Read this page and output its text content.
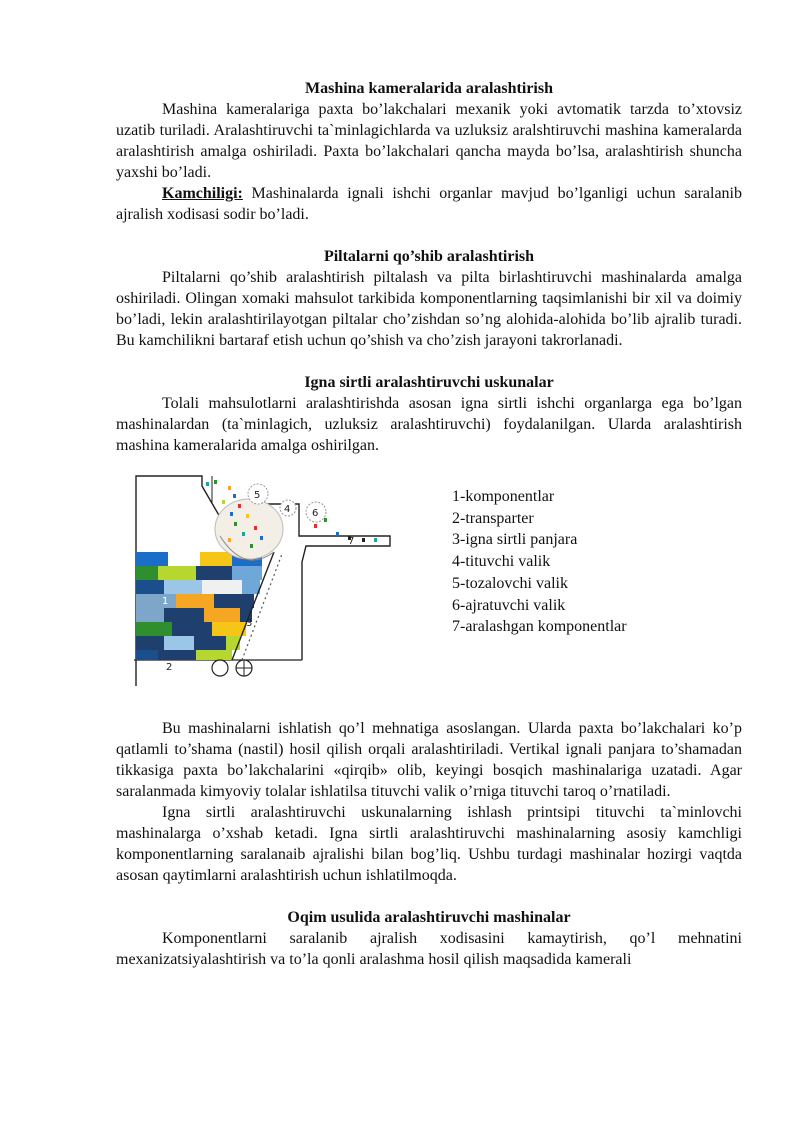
Mashina kameralarida aralashtirish

Mashina kameralariga paxta bo’lakchalari mexanik yoki avtomatik tarzda to’xtovsiz uzatib turiladi. Aralashtiruvchi ta`minlagichlarda va uzluksiz aralshtiruvchi mashina kameralarda aralashtirish amalga oshiriladi. Paxta bo’lakchalari qancha mayda bo’lsa, aralashtirish shuncha yaxshi bo’ladi.

Kamchiligi: Mashinalarda ignali ishchi organlar mavjud bo’lganligi uchun saralanib ajralish xodisasi sodir bo’ladi.

Piltalarni qo’shib aralashtirish

Piltalarni qo’shib aralashtirish piltalash va pilta birlashtiruvchi mashinalarda amalga oshiriladi. Olingan xomaki mahsulot tarkibida komponentlarning taqsimlanishi bir xil va doimiy bo’ladi, lekin aralashtirilayotgan piltalar cho’zishdan so’ng alohida-alohida bo’lib ajralib turadi. Bu kamchilikni bartaraf etish uchun qo’shish va cho’zish jarayoni takrorlanadi.

Igna sirtli aralashtiruvchi uskunalar

Tolali mahsulotlarni aralashtirishda asosan igna sirtli ishchi organlarga ega bo’lgan mashinalardan (ta`minlagich, uzluksiz aralashtiruvchi) foydalanilgan. Ularda aralashtirish mashina kameralarida amalga oshirilgan.

1
2
3
4
5
6
7
1-komponentlar
2-transparter
3-igna sirtli panjara
4-tituvchi valik
5-tozalovchi valik
6-ajratuvchi valik
7-aralashgan komponentlar

Bu mashinalarni ishlatish qo’l mehnatiga asoslangan. Ularda paxta bo’lakchalari ko’p qatlamli to’shama (nastil) hosil qilish orqali aralashtiriladi. Vertikal ignali panjara to’shamadan tikkasiga paxta bo’lakchalarini «qirqib» olib, keyingi bosqich mashinalariga uzatadi. Agar saralanmada kimyoviy tolalar ishlatilsa tituvchi valik o’rniga tituvchi taroq o’rnatiladi.

Igna sirtli aralashtiruvchi uskunalarning ishlash printsipi tituvchi ta`minlovchi mashinalarga o’xshab ketadi. Igna sirtli aralashtiruvchi mashinalarning asosiy kamchligi komponentlarning saralanaib ajralishi bilan bog’liq. Ushbu turdagi mashinalar hozirgi vaqtda asosan qaytimlarni aralashtirish uchun ishlatilmoqda.

Oqim usulida aralashtiruvchi mashinalar

Komponentlarni saralanib ajralish xodisasini kamaytirish, qo’l mehnatini mexanizatsiyalashtirish va to’la qonli aralashma hosil qilish maqsadida kamerali
